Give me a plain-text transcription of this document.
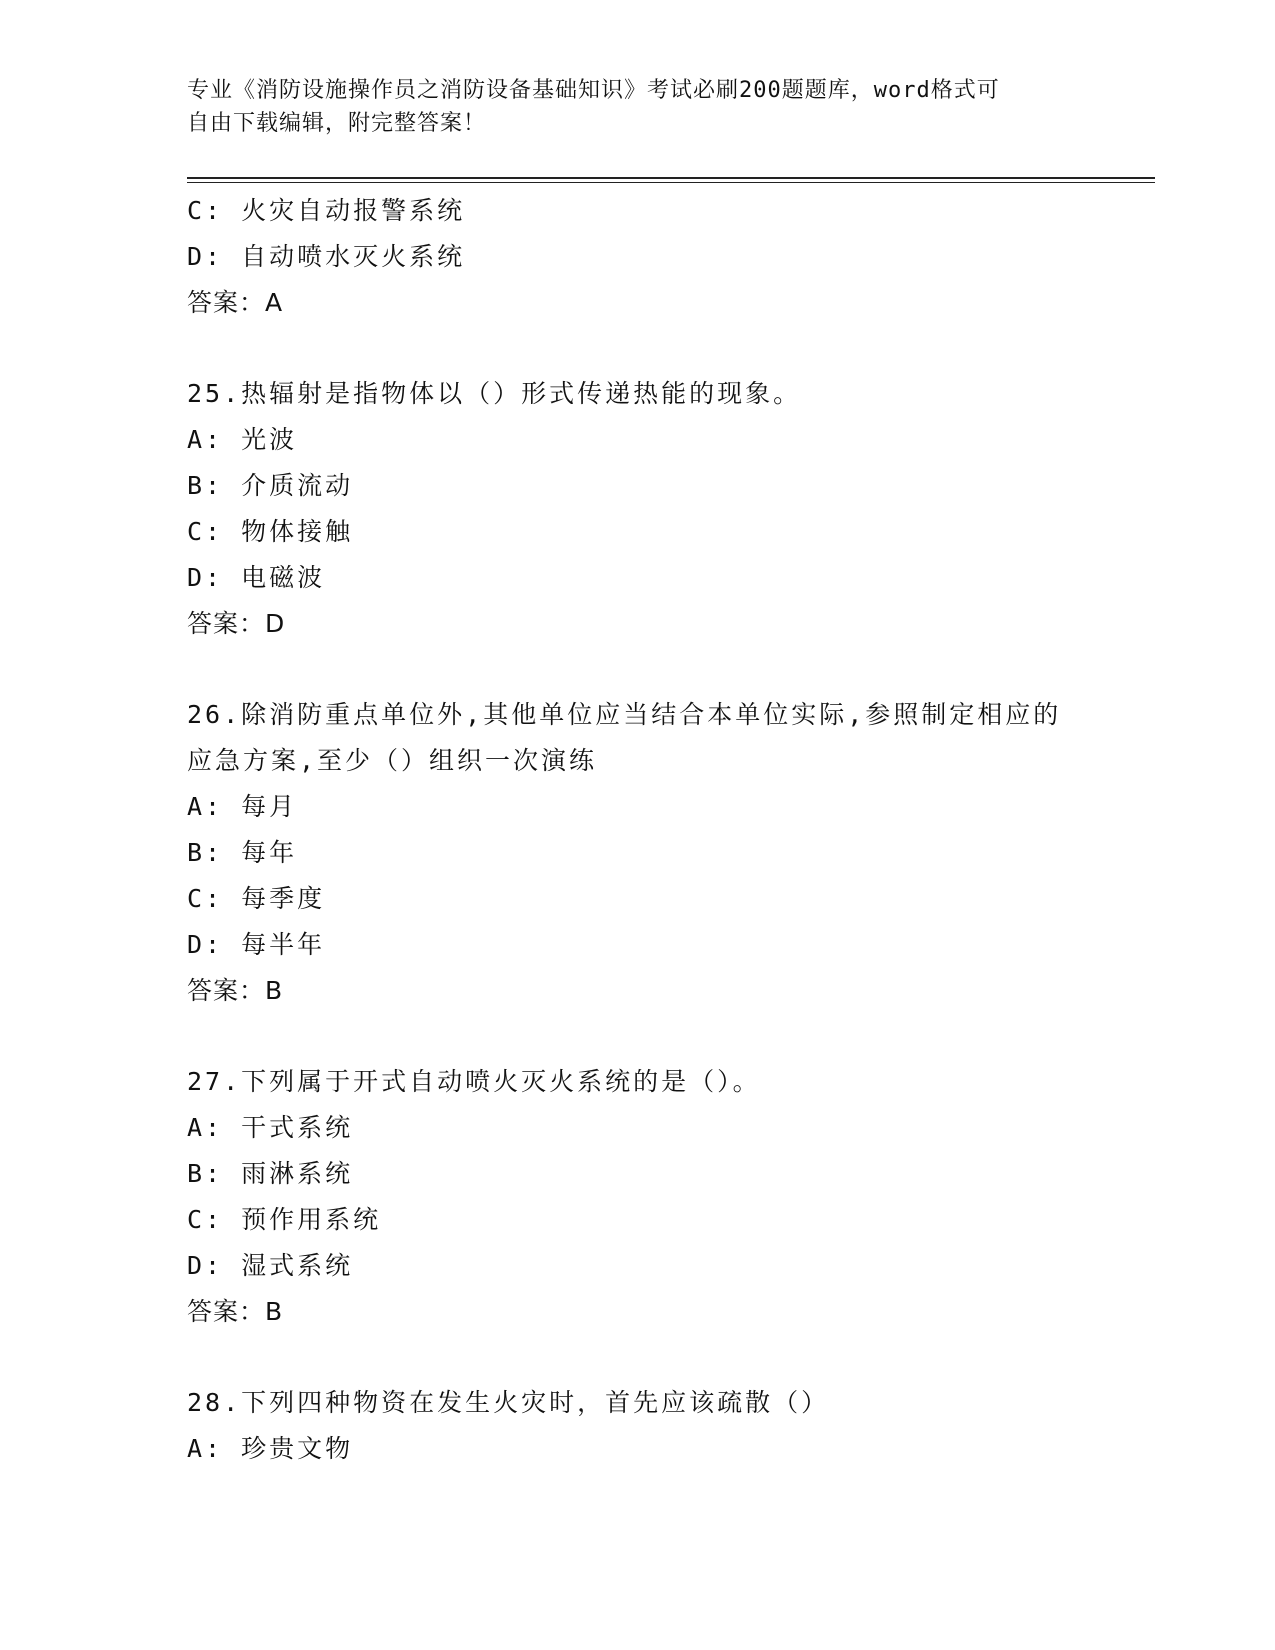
专业《消防设施操作员之消防设备基础知识》考试必刷200题题库，word格式可
自由下载编辑，附完整答案！
C: 火灾自动报警系统
D: 自动喷水灭火系统
答案：A
25.热辐射是指物体以（）形式传递热能的现象。
A: 光波
B: 介质流动
C: 物体接触
D: 电磁波
答案：D
26.除消防重点单位外,其他单位应当结合本单位实际,参照制定相应的
应急方案,至少（）组织一次演练
A: 每月
B: 每年
C: 每季度
D: 每半年
答案：B
27.下列属于开式自动喷火灭火系统的是（）。
A: 干式系统
B: 雨淋系统
C: 预作用系统
D: 湿式系统
答案：B
28.下列四种物资在发生火灾时，首先应该疏散（）
A: 珍贵文物
